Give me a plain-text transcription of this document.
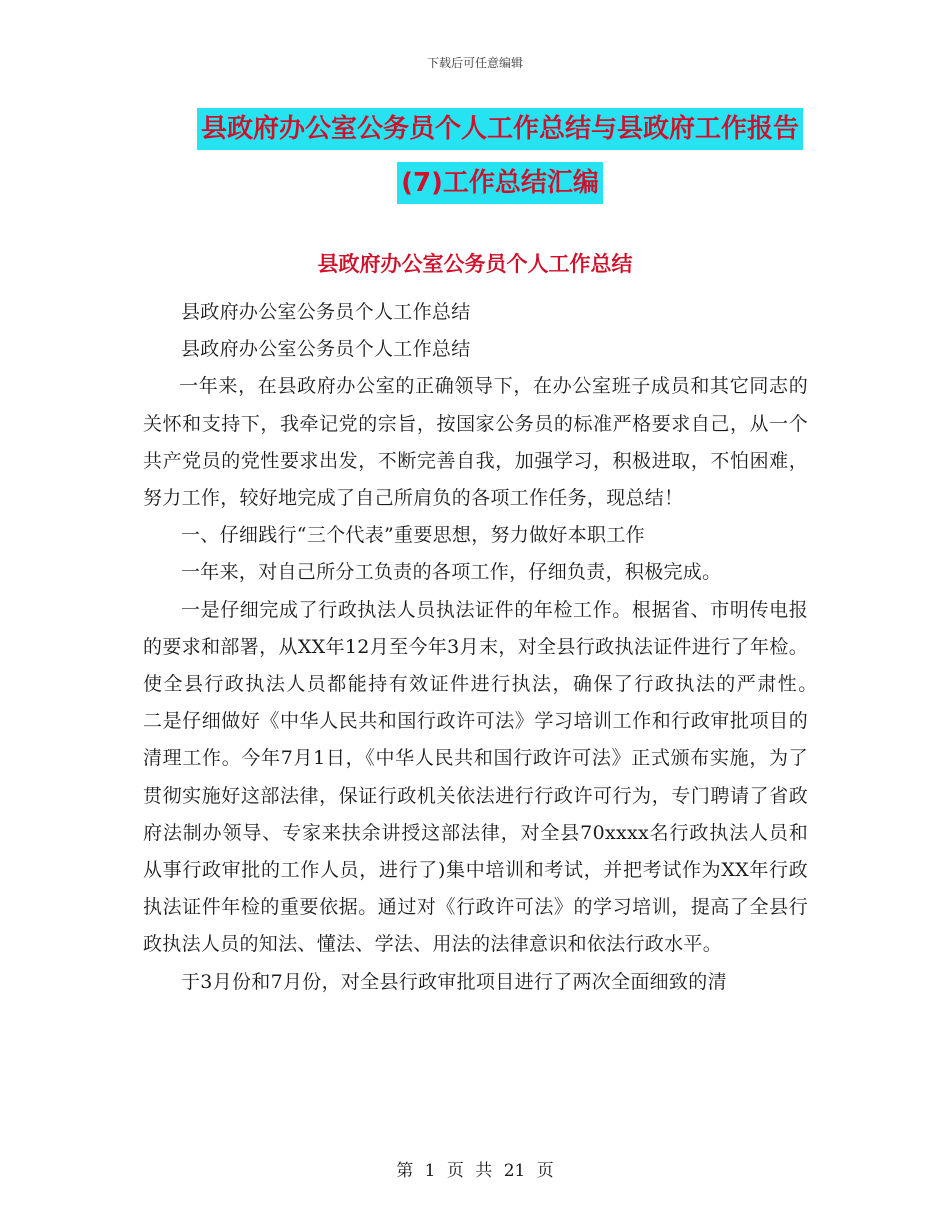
下载后可任意编辑
县政府办公室公务员个人工作总结与县政府工作报告
(7)工作总结汇编
县政府办公室公务员个人工作总结

县政府办公室公务员个人工作总结

县政府办公室公务员个人工作总结

一年来，在县政府办公室的正确领导下，在办公室班子成员和其它同志的关怀和支持下，我牵记党的宗旨，按国家公务员的标准严格要求自己，从一个共产党员的党性要求出发，不断完善自我，加强学习，积极进取，不怕困难，努力工作，较好地完成了自己所肩负的各项工作任务，现总结！

一、仔细践行“三个代表”重要思想，努力做好本职工作

一年来，对自己所分工负责的各项工作，仔细负责，积极完成。

一是仔细完成了行政执法人员执法证件的年检工作。根据省、市明传电报的要求和部署，从XX年12月至今年3月末，对全县行政执法证件进行了年检。使全县行政执法人员都能持有效证件进行执法，确保了行政执法的严肃性。　　二是仔细做好《中华人民共和国行政许可法》学习培训工作和行政审批项目的清理工作。今年7月1日，《中华人民共和国行政许可法》正式颁布实施，为了贯彻实施好这部法律，保证行政机关依法进行行政许可行为，专门聘请了省政府法制办领导、专家来扶余讲授这部法律，对全县70xxxx名行政执法人员和从事行政审批的工作人员，进行了)集中培训和考试，并把考试作为XX年行政执法证件年检的重要依据。通过对《行政许可法》的学习培训，提高了全县行政执法人员的知法、懂法、学法、用法的法律意识和依法行政水平。

于3月份和7月份，对全县行政审批项目进行了两次全面细致的清

第 1 页 共 21 页
